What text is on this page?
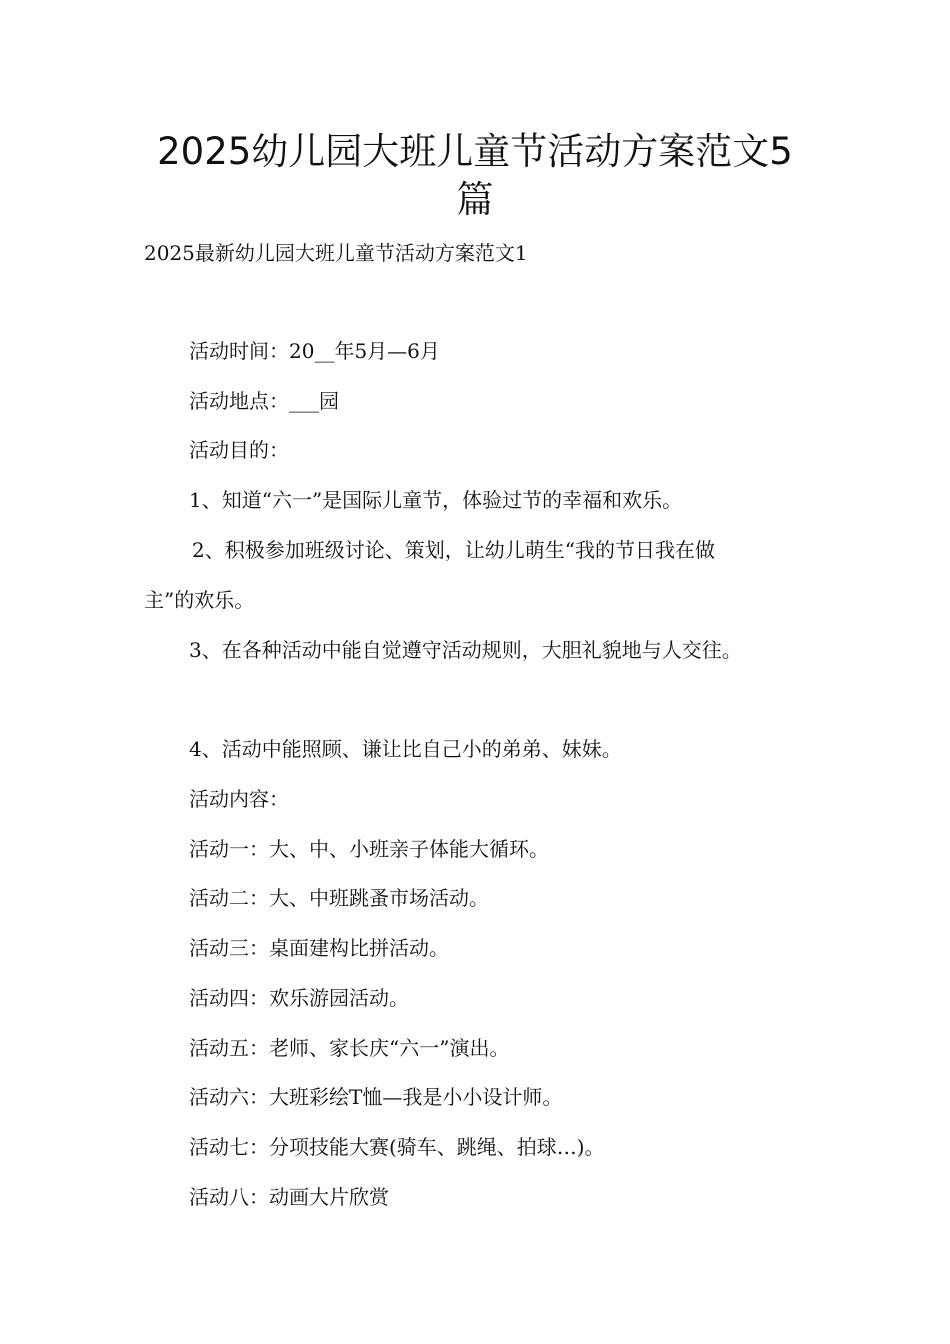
2025幼儿园大班儿童节活动方案范文5
篇

2025最新幼儿园大班儿童节活动方案范文1

活动时间：20__年5月—6月

活动地点：___园

活动目的：

1、知道“六一”是国际儿童节，体验过节的幸福和欢乐。

2、积极参加班级讨论、策划，让幼儿萌生“我的节日我在做

主”的欢乐。

3、在各种活动中能自觉遵守活动规则，大胆礼貌地与人交往。

4、活动中能照顾、谦让比自己小的弟弟、妹妹。

活动内容：

活动一：大、中、小班亲子体能大循环。

活动二：大、中班跳蚤市场活动。

活动三：桌面建构比拼活动。

活动四：欢乐游园活动。

活动五：老师、家长庆“六一”演出。

活动六：大班彩绘T恤—我是小小设计师。

活动七：分项技能大赛(骑车、跳绳、拍球…)。

活动八：动画大片欣赏
